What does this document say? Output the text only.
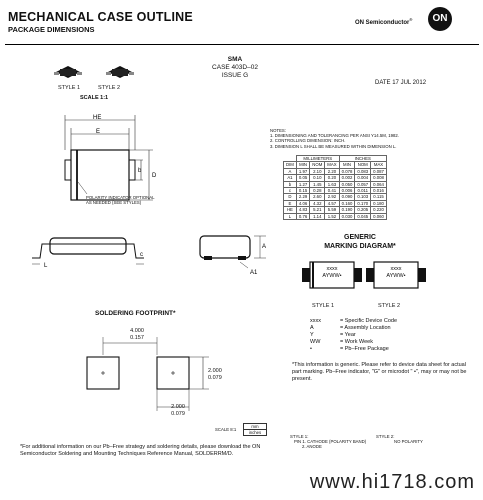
MECHANICAL CASE OUTLINE
PACKAGE DIMENSIONS
ON Semiconductor®	ON
STYLE 1	STYLE 2
SCALE 1:1
SMA
CASE 403D–02
ISSUE G
DATE 17 JUL 2012
HE
E
b
D
POLARITY INDICATOR OPTIONAL AS NEEDED (SEE STYLES)
L
c
A
A1
NOTES:
1. DIMENSIONING AND TOLERANCING PER ANSI Y14.5M, 1982.
2. CONTROLLING DIMENSION: INCH.
3. DIMENSION L SHALL BE MEASURED WITHIN DIMENSION L.
	MILLIMETERS			INCHES		
DIM	MIN	NOM	MAX	MIN	NOM	MAX
A	1.97	2.10	2.20	0.078	0.083	0.087
A1	0.05	0.10	0.20	0.002	0.004	0.008
b	1.27	1.45	1.63	0.050	0.057	0.064
c	0.15	0.28	0.41	0.006	0.011	0.016
D	2.29	2.60	2.92	0.090	0.103	0.115
E	4.06	4.32	4.57	0.160	0.170	0.180
HE	4.83	5.21	5.59	0.190	0.205	0.220
L	0.76	1.14	1.52	0.030	0.045	0.060
GENERIC
MARKING DIAGRAM*
xxxx
AYWW•
xxxx
AYWW•
STYLE 1	STYLE 2
xxxx	= Specific Device Code
A	= Assembly Location
Y	= Year
WW	= Work Week
•	= Pb–Free Package
*This information is generic. Please refer to device data sheet for actual part marking. Pb–Free indicator, "G" or microdot " •", may or may not be present.
SOLDERING FOOTPRINT*
4.000
0.157
2.000
0.079
2.000
0.079
SCALE 8:1
mm
inches
*For additional information on our Pb–Free strategy and soldering details, please download the ON Semiconductor Soldering and Mounting Techniques Reference Manual, SOLDERRM/D.
STYLE 1:
PIN 1. CATHODE (POLARITY BAND)
2. ANODE
STYLE 2:
NO POLARITY
www.hi1718.com
